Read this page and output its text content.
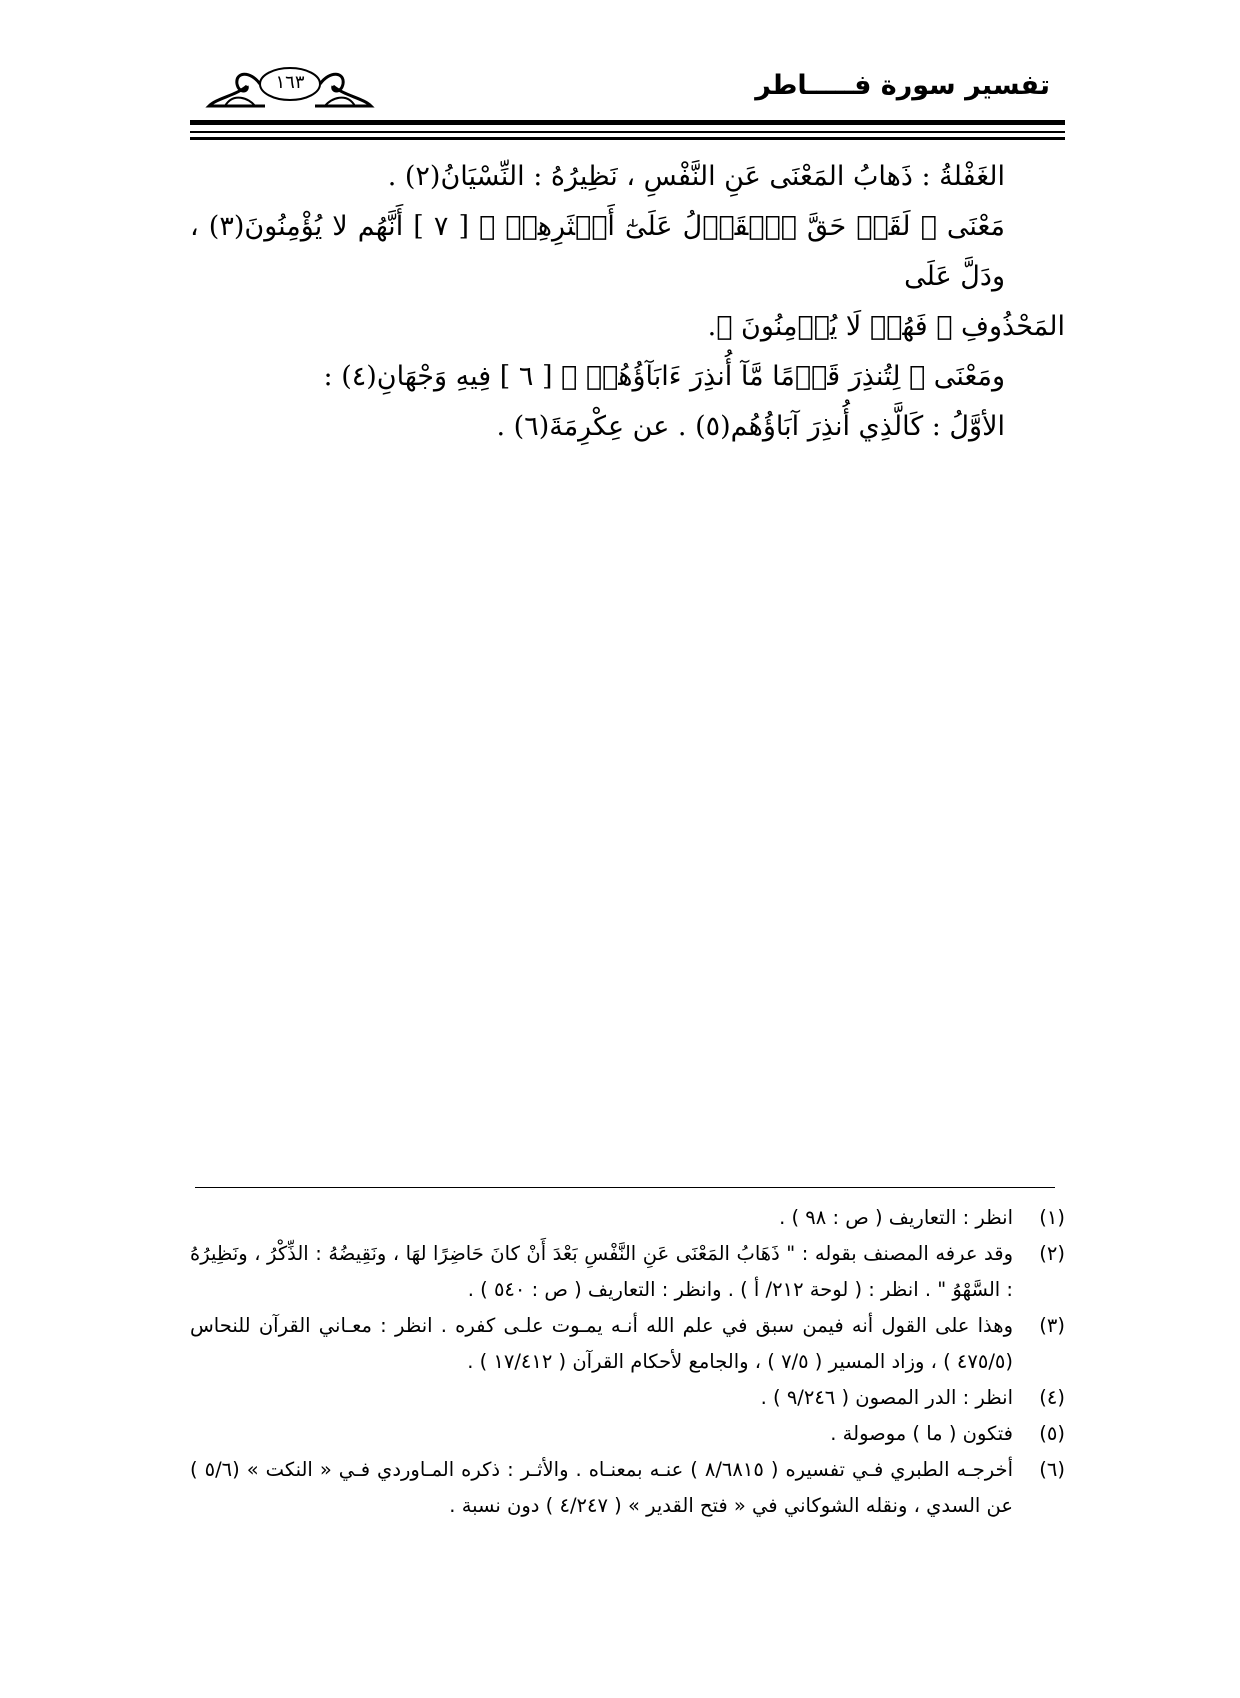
تفسير سورة فـــــاطر
١٦٣

الغَفْلةُ : ذَهابُ المَعْنَى عَنِ النَّفْسِ ، نَظِيرُهُ : النِّسْيَانُ(٢) .

مَعْنَى ﴿ لَقَدۡ حَقَّ ٱلۡقَوۡلُ عَلَىٰٓ أَكۡثَرِهِمۡ ﴾ [ ٧ ] أَنَّهُم لا يُؤْمِنُونَ(٣) ، ودَلَّ عَلَى

المَحْذُوفِ ﴿ فَهُمۡ لَا يُؤۡمِنُونَ ﴾.

ومَعْنَى ﴿ لِتُنذِرَ قَوۡمًا مَّآ أُنذِرَ ءَابَآؤُهُمۡ ﴾ [ ٦ ] فِيهِ وَجْهَانِ(٤) :

الأوَّلُ : كَالَّذِي أُنذِرَ آبَاؤُهُم(٥) . عن عِكْرِمَةَ(٦) .

(١)
انظر : التعاريف ( ص : ٩٨ ) .
(٢)
وقد عرفه المصنف بقوله : " ذَهَابُ المَعْنَى عَنِ النَّفْسِ بَعْدَ أَنْ كانَ حَاضِرًا لهَا ، ونَقِيضُهُ : الذِّكْرُ ، ونَظِيرُهُ : السَّهْوُ " . انظر : ( لوحة ٢١٢/ أ ) . وانظر : التعاريف ( ص : ٥٤٠ ) .
(٣)
وهذا على القول أنه فيمن سبق في علم الله أنـه يمـوت علـى كفره . انظر : معـاني القرآن للنحاس (٤٧٥/٥ ) ، وزاد المسير ( ٧/٥ ) ، والجامع لأحكام القرآن ( ١٧/٤١٢ ) .
(٤)
انظر : الدر المصون ( ٩/٢٤٦ ) .
(٥)
فتكون ( ما ) موصولة .
(٦)
أخرجـه الطبري فـي تفسيره ( ٨/٦٨١٥ ) عنـه بمعنـاه . والأثـر : ذكره المـاوردي فـي « النكت » (٥/٦ ) عن السدي ، ونقله الشوكاني في « فتح القدير » ( ٤/٢٤٧ ) دون نسبة .
